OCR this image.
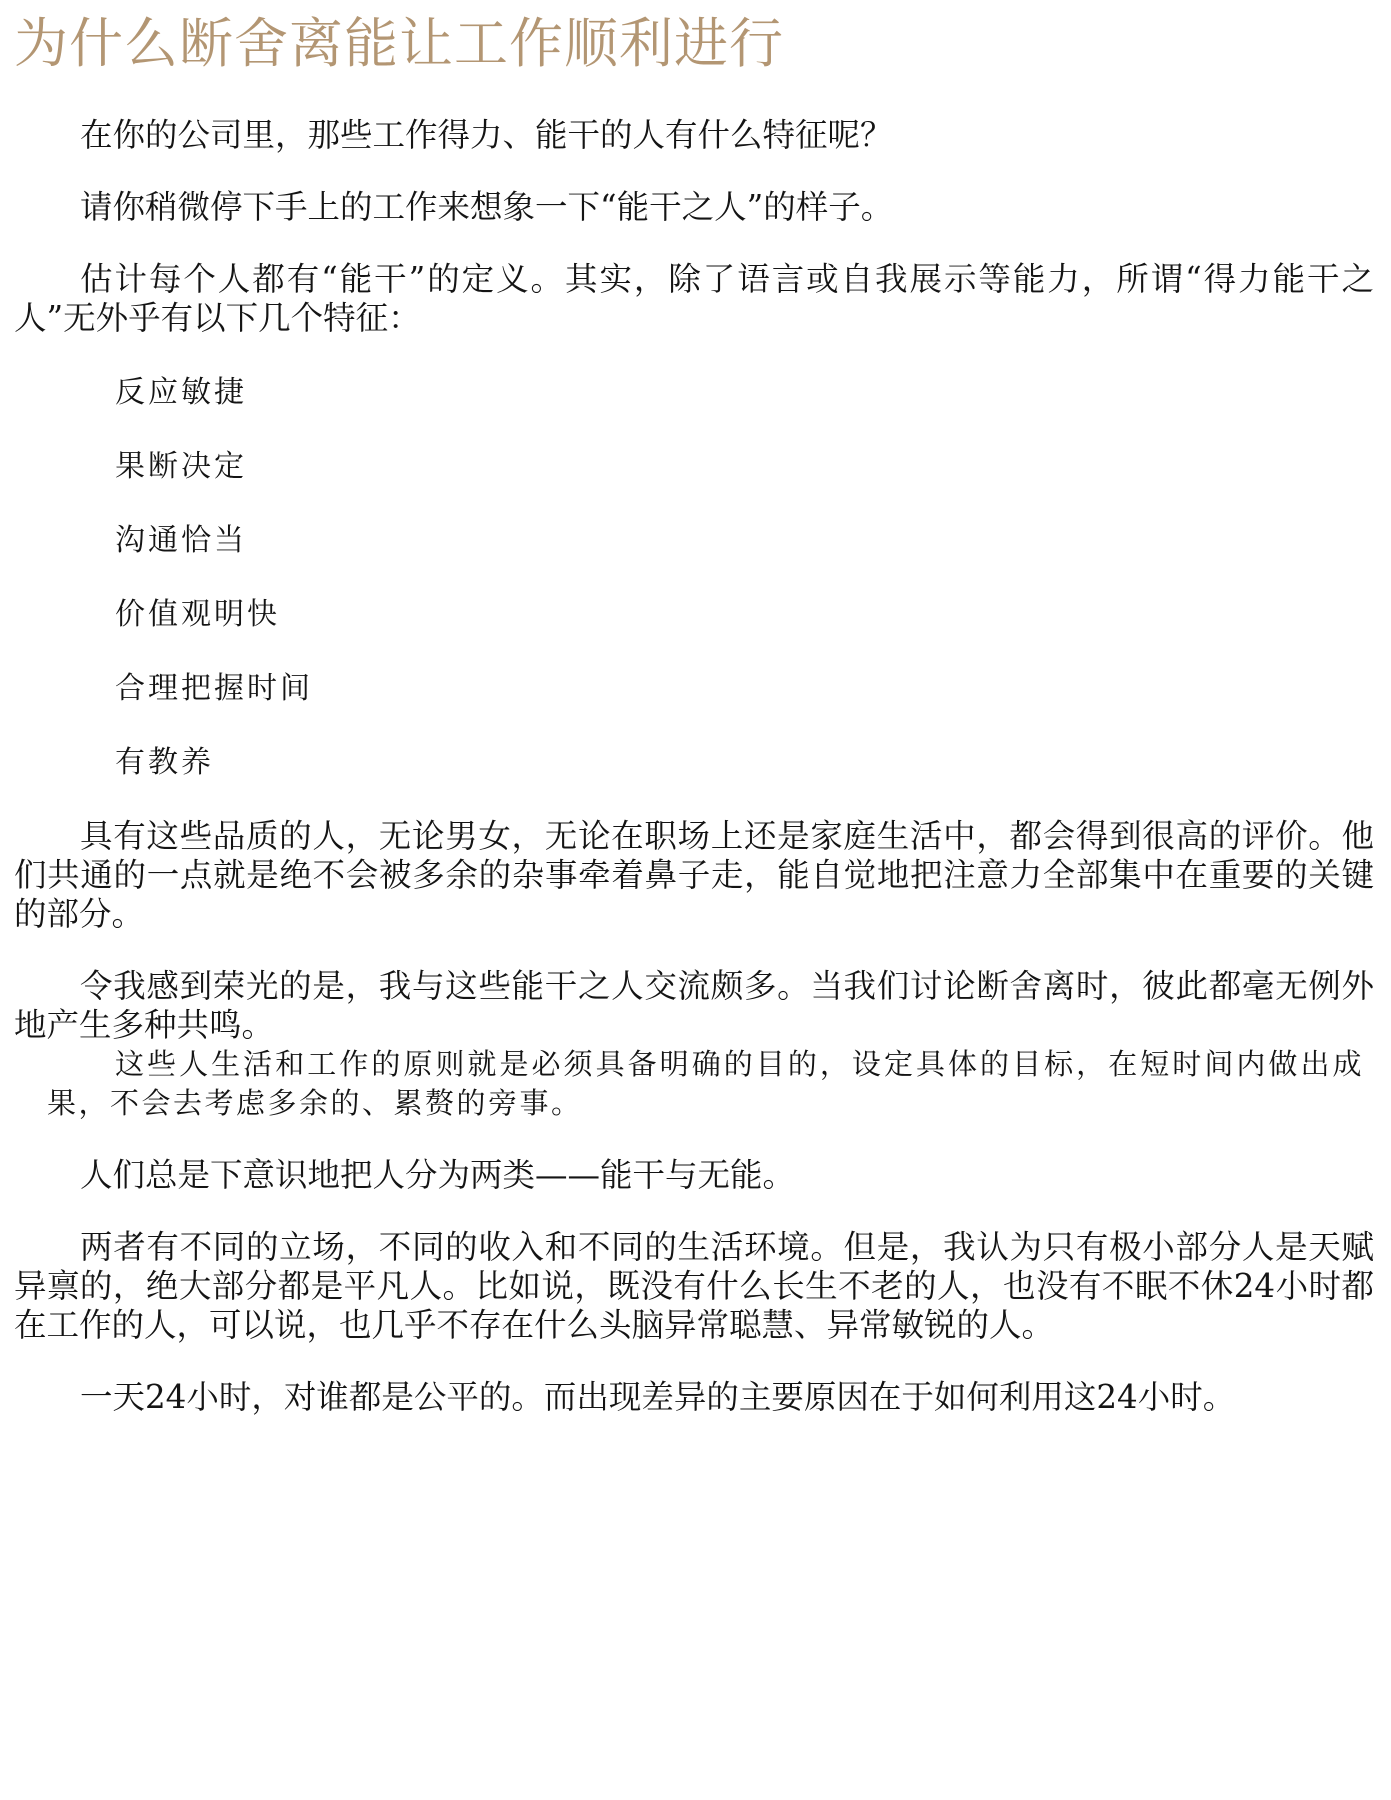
为什么断舍离能让工作顺利进行

在你的公司里，那些工作得力、能干的人有什么特征呢？

请你稍微停下手上的工作来想象一下“能干之人”的样子。

估计每个人都有“能干”的定义。其实，除了语言或自我展示等能力，所谓“得力能干之人”无外乎有以下几个特征：

反应敏捷

果断决定

沟通恰当

价值观明快

合理把握时间

有教养

具有这些品质的人，无论男女，无论在职场上还是家庭生活中，都会得到很高的评价。他们共通的一点就是绝不会被多余的杂事牵着鼻子走，能自觉地把注意力全部集中在重要的关键的部分。

令我感到荣光的是，我与这些能干之人交流颇多。当我们讨论断舍离时，彼此都毫无例外地产生多种共鸣。

这些人生活和工作的原则就是必须具备明确的目的，设定具体的目标，在短时间内做出成果，不会去考虑多余的、累赘的旁事。

人们总是下意识地把人分为两类——能干与无能。

两者有不同的立场，不同的收入和不同的生活环境。但是，我认为只有极小部分人是天赋异禀的，绝大部分都是平凡人。比如说，既没有什么长生不老的人，也没有不眠不休24小时都在工作的人，可以说，也几乎不存在什么头脑异常聪慧、异常敏锐的人。

一天24小时，对谁都是公平的。而出现差异的主要原因在于如何利用这24小时。
